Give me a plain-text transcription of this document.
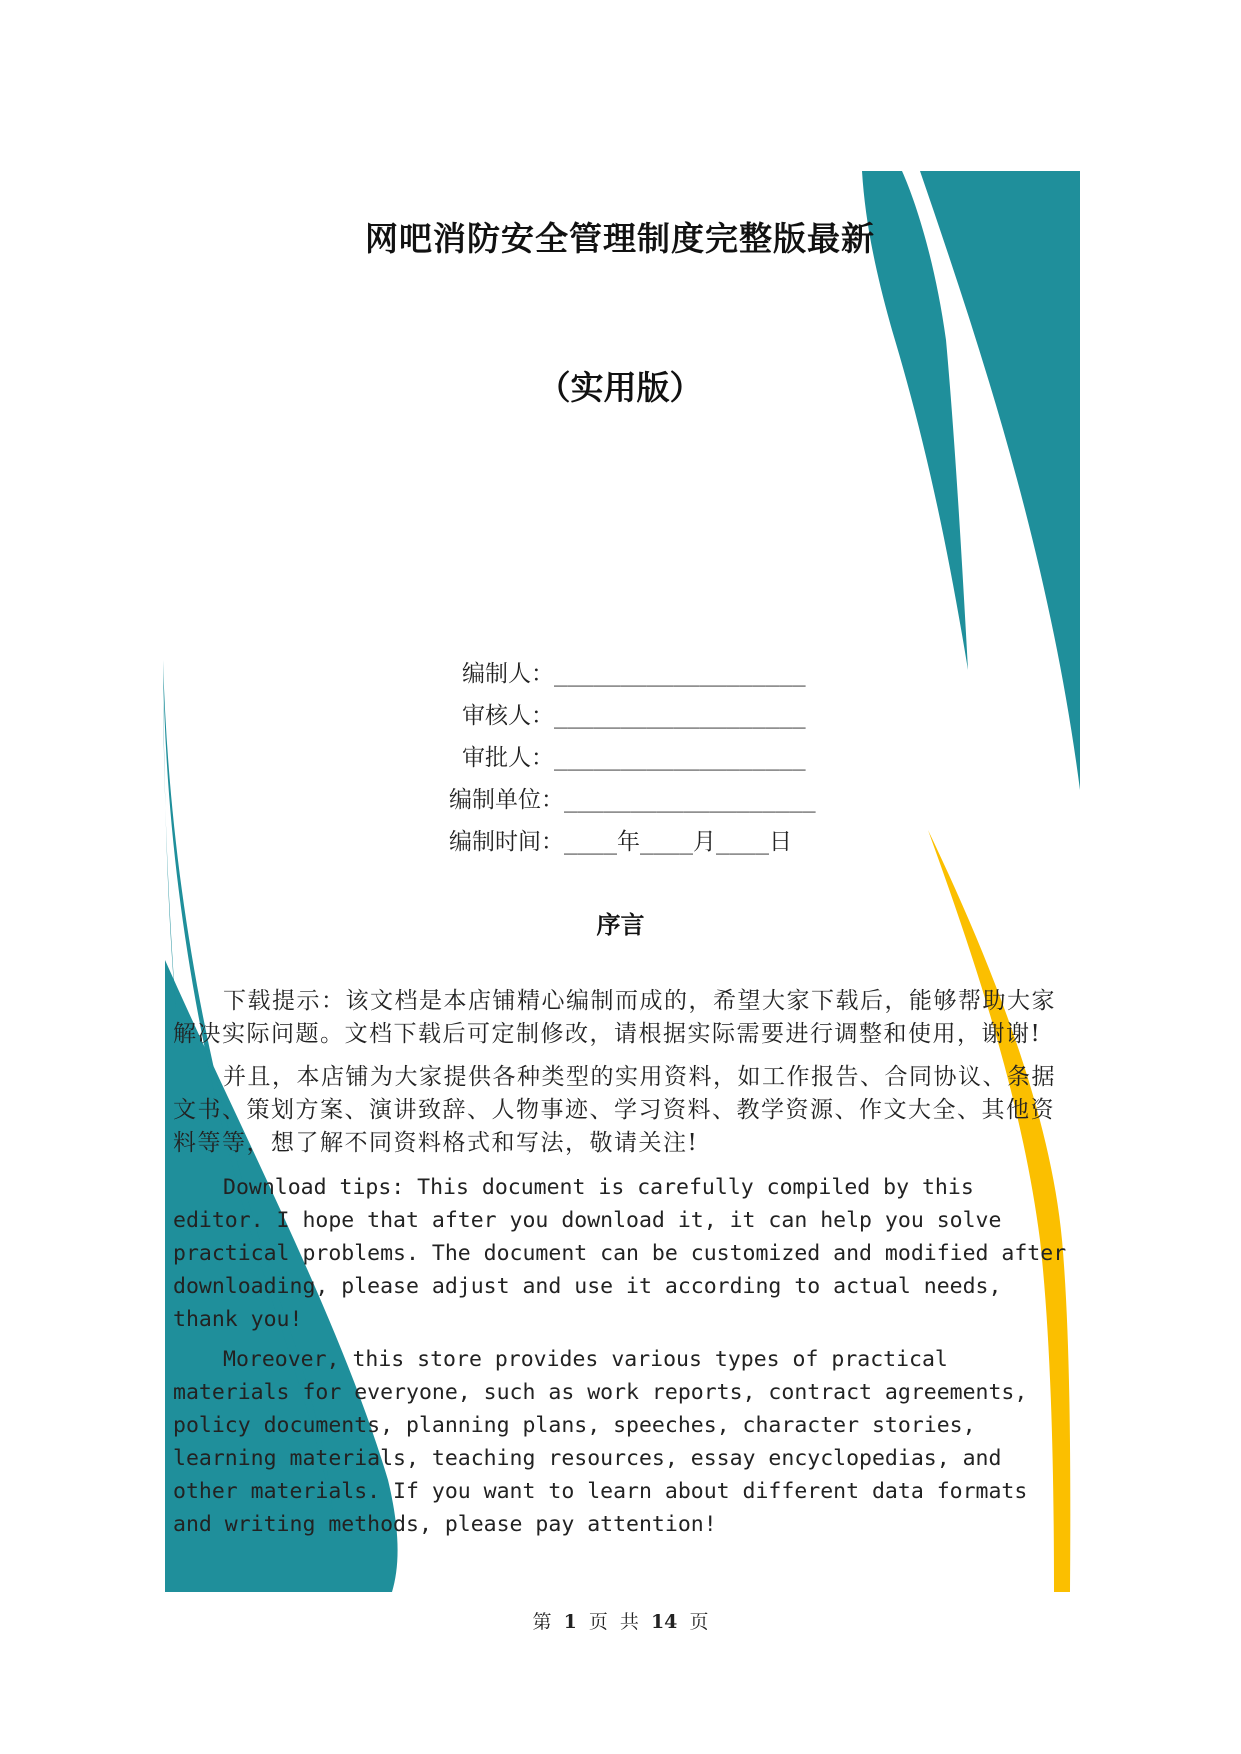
网吧消防安全管理制度完整版最新
（实用版）
编制人：___________________
审核人：___________________
审批人：___________________
编制单位：___________________
编制时间：____年____月____日
序言

下载提示：该文档是本店铺精心编制而成的，希望大家下载后，能够帮助大家解决实际问题。文档下载后可定制修改，请根据实际需要进行调整和使用，谢谢!

并且，本店铺为大家提供各种类型的实用资料，如工作报告、合同协议、条据文书、策划方案、演讲致辞、人物事迹、学习资料、教学资源、作文大全、其他资料等等，想了解不同资料格式和写法，敬请关注!

Download tips: This document is carefully compiled by this editor. I hope that after you download it, it can help you solve practical problems. The document can be customized and modified after downloading, please adjust and use it according to actual needs, thank you!

Moreover, this store provides various types of practical materials for everyone, such as work reports, contract agreements, policy documents, planning plans, speeches, character stories, learning materials, teaching resources, essay encyclopedias, and other materials. If you want to learn about different data formats and writing methods, please pay attention!

第 1 页 共 14 页
